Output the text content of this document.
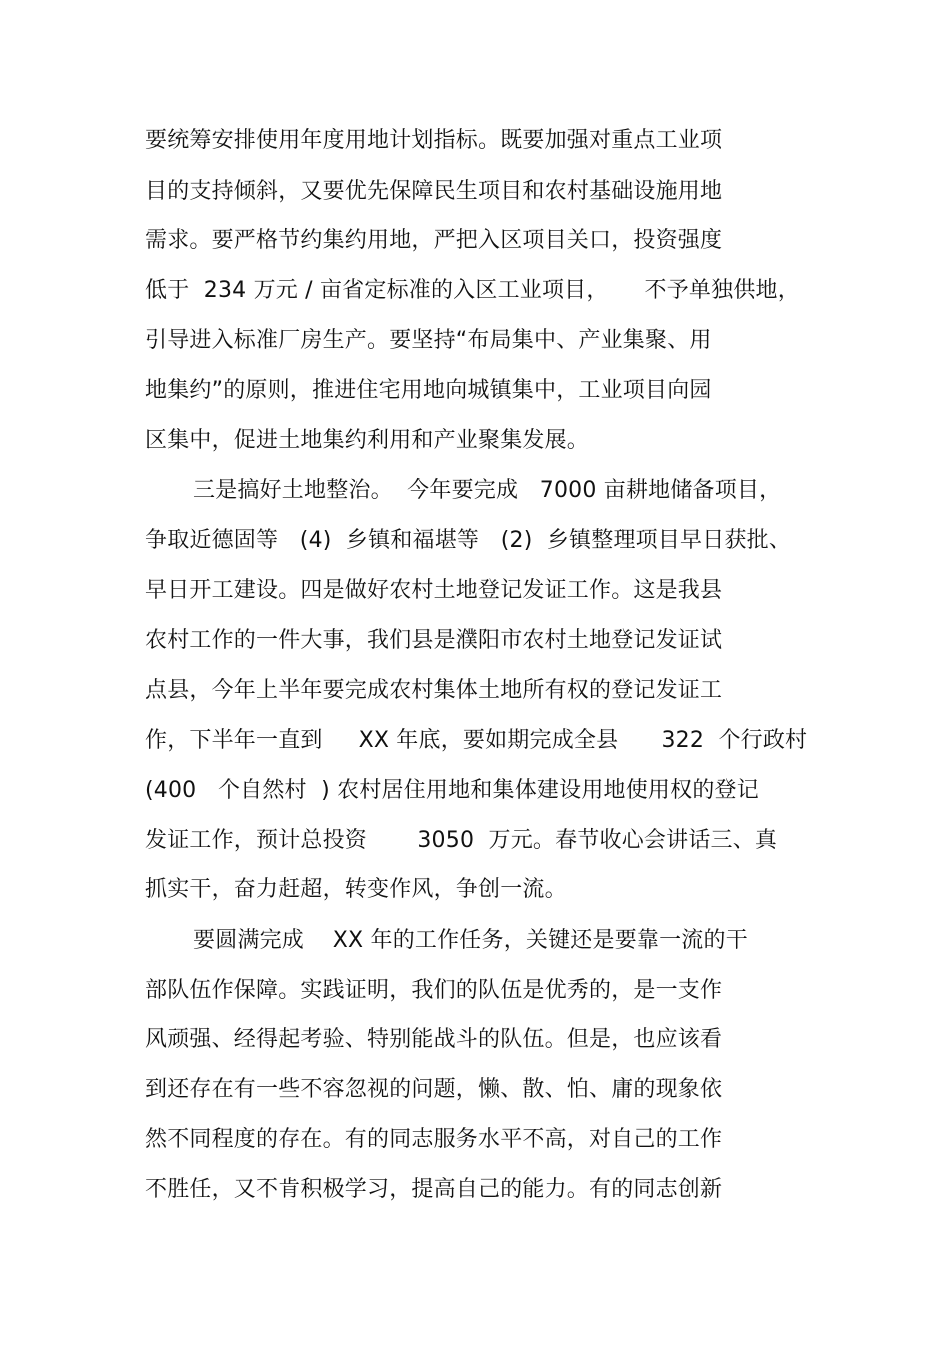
要统筹安排使用年度用地计划指标。既要加强对重点工业项
目的支持倾斜，又要优先保障民生项目和农村基础设施用地
需求。要严格节约集约用地，严把入区项目关口，投资强度
低于  234 万元 / 亩省定标准的入区工业项目，     不予单独供地，
引导进入标准厂房生产。要坚持“布局集中、产业集聚、用
地集约”的原则，推进住宅用地向城镇集中，工业项目向园
区集中，促进土地集约利用和产业聚集发展。
三是搞好土地整治。  今年要完成   7000 亩耕地储备项目，
争取近德固等   (4)  乡镇和福堪等   (2)  乡镇整理项目早日获批、
早日开工建设。四是做好农村土地登记发证工作。这是我县
农村工作的一件大事，我们县是濮阳市农村土地登记发证试
点县，今年上半年要完成农村集体土地所有权的登记发证工
作，下半年一直到     XX 年底，要如期完成全县      322  个行政村
(400   个自然村  ) 农村居住用地和集体建设用地使用权的登记
发证工作，预计总投资       3050  万元。春节收心会讲话三、真
抓实干，奋力赶超，转变作风，争创一流。
要圆满完成    XX 年的工作任务，关键还是要靠一流的干
部队伍作保障。实践证明，我们的队伍是优秀的，是一支作
风顽强、经得起考验、特别能战斗的队伍。但是，也应该看
到还存在有一些不容忽视的问题，懒、散、怕、庸的现象依
然不同程度的存在。有的同志服务水平不高，对自己的工作
不胜任，又不肯积极学习，提高自己的能力。有的同志创新
